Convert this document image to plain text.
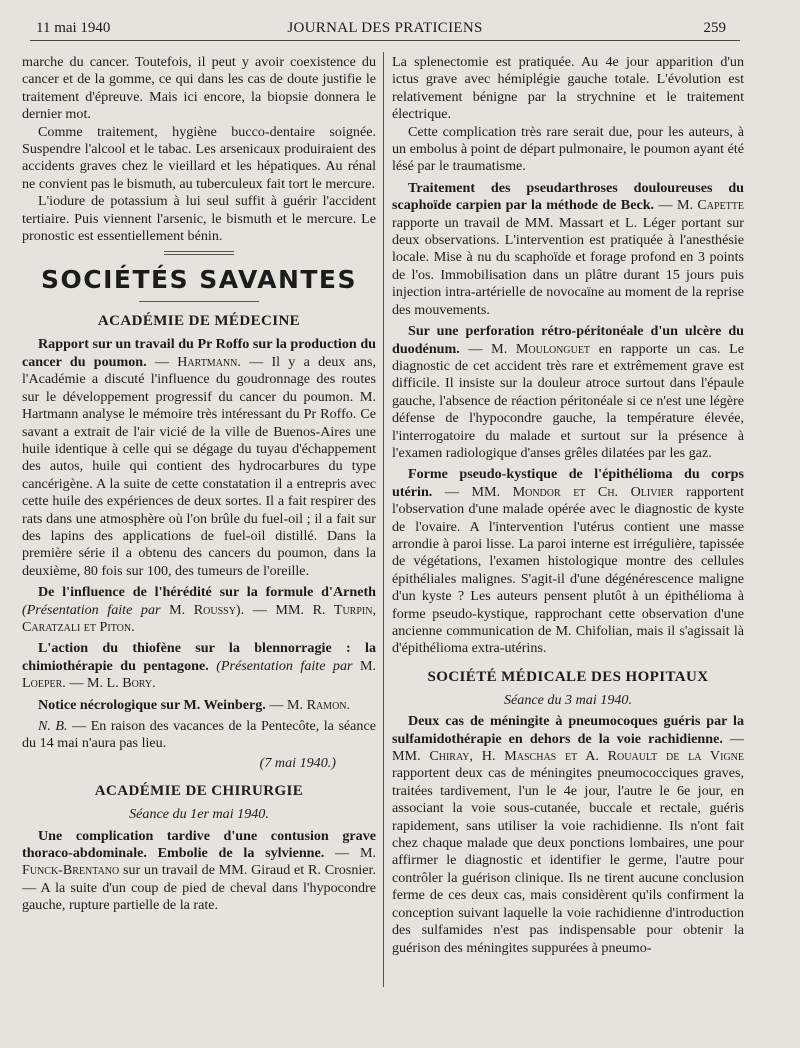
11 mai 1940	JOURNAL DES PRATICIENS	259

marche du cancer. Toutefois, il peut y avoir coexistence du cancer et de la gomme, ce qui dans les cas de doute justifie le traitement d'épreuve. Mais ici encore, la biopsie donnera le dernier mot.

Comme traitement, hygiène bucco-dentaire soignée. Suspendre l'alcool et le tabac. Les arsenicaux produiraient des accidents graves chez le vieillard et les hépatiques. Au rénal ne convient pas le bismuth, au tuberculeux fait tort le mercure.

L'iodure de potassium à lui seul suffit à guérir l'accident tertiaire. Puis viennent l'arsenic, le bismuth et le mercure. Le pronostic est essentiellement bénin.

SOCIÉTÉS SAVANTES
ACADÉMIE DE MÉDECINE

Rapport sur un travail du Pr Roffo sur la production du cancer du poumon. — Hartmann. — Il y a deux ans, l'Académie a discuté l'influence du goudronnage des routes sur le développement progressif du cancer du poumon. M. Hartmann analyse le mémoire très intéressant du Pr Roffo. Ce savant a extrait de l'air vicié de la ville de Buenos-Aires une huile identique à celle qui se dégage du tuyau d'échappement des autos, huile qui contient des hydrocarbures du type cancérigène. A la suite de cette constatation il a entrepris avec cette huile des expériences de deux sortes. Il a fait respirer des rats dans une atmosphère où l'on brûle du fuel-oil ; il a fait sur des lapins des applications de fuel-oil distillé. Dans la première série il a obtenu des cancers du poumon, dans la deuxième, 80 fois sur 100, des tumeurs de l'oreille.

De l'influence de l'hérédité sur la formule d'Arneth (Présentation faite par M. Roussy). — MM. R. Turpin, Caratzali et Piton.

L'action du thiofène sur la blennorragie : la chimiothérapie du pentagone. (Présentation faite par M. Loeper. — M. L. Bory.

Notice nécrologique sur M. Weinberg. — M. Ramon.

N. B. — En raison des vacances de la Pentecôte, la séance du 14 mai n'aura pas lieu.

(7 mai 1940.)
ACADÉMIE DE CHIRURGIE
Séance du 1er mai 1940.

Une complication tardive d'une contusion grave thoraco-abdominale. Embolie de la sylvienne. — M. Funck-Brentano sur un travail de MM. Giraud et R. Crosnier. — A la suite d'un coup de pied de cheval dans l'hypocondre gauche, rupture partielle de la rate.

La splenectomie est pratiquée. Au 4e jour apparition d'un ictus grave avec hémiplégie gauche totale. L'évolution est relativement bénigne par la strychnine et le traitement électrique.

Cette complication très rare serait due, pour les auteurs, à un embolus à point de départ pulmonaire, le poumon ayant été lésé par le traumatisme.

Traitement des pseudarthroses douloureuses du scaphoïde carpien par la méthode de Beck. — M. Capette rapporte un travail de MM. Massart et L. Léger portant sur deux observations. L'intervention est pratiquée à l'anesthésie locale. Mise à nu du scaphoïde et forage profond en 3 points de l'os. Immobilisation dans un plâtre durant 15 jours puis injection intra-artérielle de novocaïne au moment de la reprise des mouvements.

Sur une perforation rétro-péritonéale d'un ulcère du duodénum. — M. Moulonguet en rapporte un cas. Le diagnostic de cet accident très rare et extrêmement grave est difficile. Il insiste sur la douleur atroce surtout dans l'épaule gauche, l'absence de réaction péritonéale si ce n'est une légère défense de l'hypocondre gauche, la température élevée, l'interrogatoire du malade et surtout sur la présence à l'examen radiologique d'anses grêles dilatées par les gaz.

Forme pseudo-kystique de l'épithélioma du corps utérin. — MM. Mondor et Ch. Olivier rapportent l'observation d'une malade opérée avec le diagnostic de kyste de l'ovaire. A l'intervention l'utérus contient une masse arrondie à paroi lisse. La paroi interne est irrégulière, tapissée de végétations, l'examen histologique montre des cellules épithéliales malignes. S'agit-il d'une dégénérescence maligne d'un kyste ? Les auteurs pensent plutôt à un épithélioma à forme pseudo-kystique, rapprochant cette observation d'une ancienne communication de M. Chifolian, mais il s'agissait là d'épithélioma extra-utérins.

SOCIÉTÉ MÉDICALE DES HOPITAUX
Séance du 3 mai 1940.

Deux cas de méningite à pneumocoques guéris par la sulfamidothérapie en dehors de la voie rachidienne. — MM. Chiray, H. Maschas et A. Rouault de la Vigne rapportent deux cas de méningites pneumococciques graves, traitées tardivement, l'un le 4e jour, l'autre le 6e jour, en associant la voie sous-cutanée, buccale et rectale, guéris rapidement, sans utiliser la voie rachidienne. Ils n'ont fait chez chaque malade que deux ponctions lombaires, une pour affirmer le diagnostic et identifier le germe, l'autre pour contrôler la guérison clinique. Ils ne tirent aucune conclusion ferme de ces deux cas, mais considèrent qu'ils confirment la conception suivant laquelle la voie rachidienne d'introduction des sulfamides n'est pas indispensable pour obtenir la guérison des méningites suppurées à pneumo-
